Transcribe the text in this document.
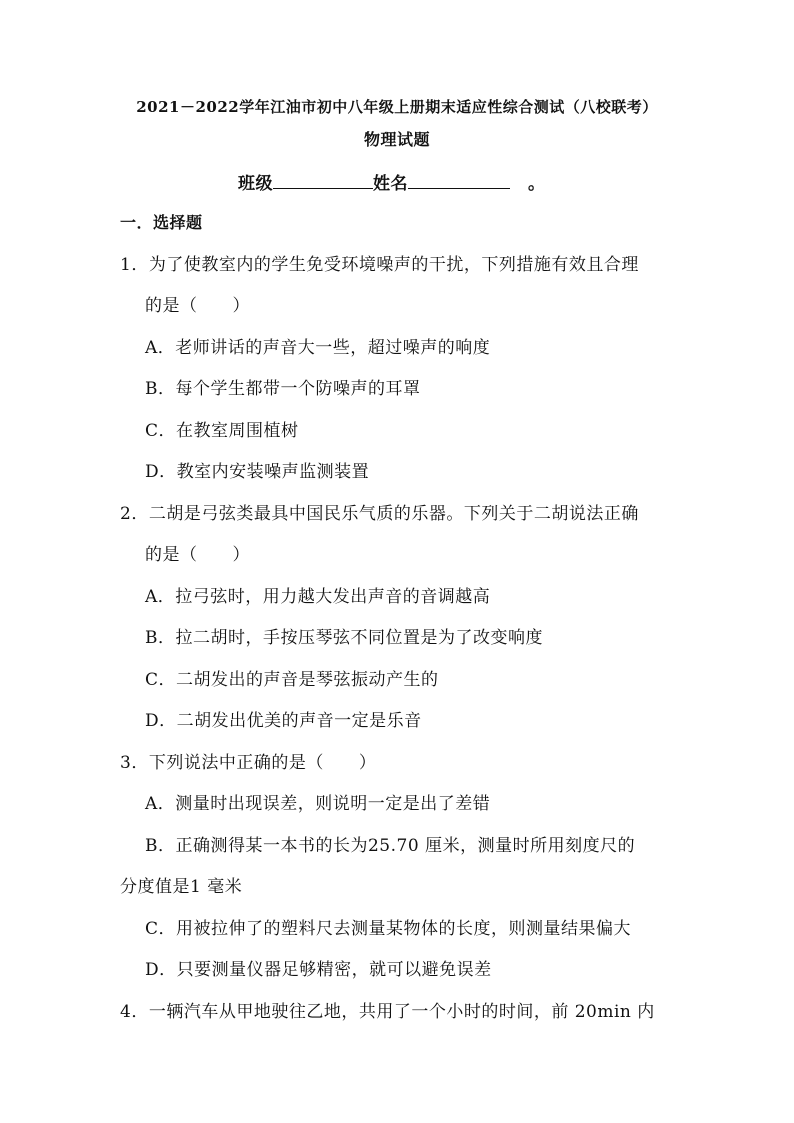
2021－2022学年江油市初中八年级上册期末适应性综合测试（八校联考）
物理试题
班级	姓名	。
一．选择题
1．为了使教室内的学生免受环境噪声的干扰，下列措施有效且合理
的是（　　）
A．老师讲话的声音大一些，超过噪声的响度
B．每个学生都带一个防噪声的耳罩
C．在教室周围植树
D．教室内安装噪声监测装置
2．二胡是弓弦类最具中国民乐气质的乐器。下列关于二胡说法正确
的是（　　）
A．拉弓弦时，用力越大发出声音的音调越高
B．拉二胡时，手按压琴弦不同位置是为了改变响度
C．二胡发出的声音是琴弦振动产生的
D．二胡发出优美的声音一定是乐音
3．下列说法中正确的是（　　）
A．测量时出现误差，则说明一定是出了差错
B．正确测得某一本书的长为25.70 厘米，测量时所用刻度尺的
分度值是1 毫米
C．用被拉伸了的塑料尺去测量某物体的长度，则测量结果偏大
D．只要测量仪器足够精密，就可以避免误差
4．一辆汽车从甲地驶往乙地，共用了一个小时的时间，前 20min 内
